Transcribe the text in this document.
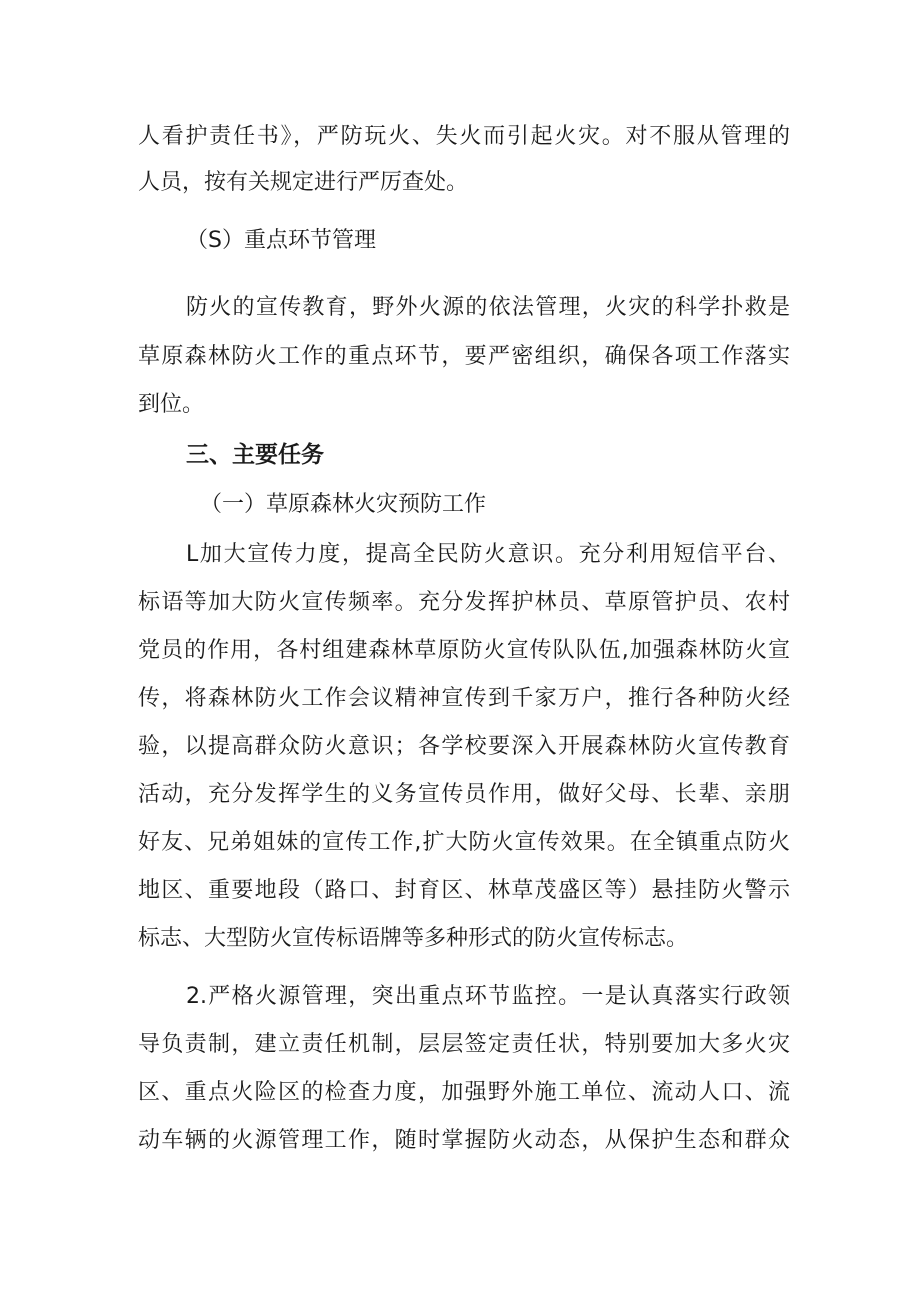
人看护责任书》，严防玩火、失火而引起火灾。对不服从管理的
人员，按有关规定进行严厉查处。
（S）重点环节管理
防火的宣传教育，野外火源的依法管理，火灾的科学扑救是
草原森林防火工作的重点环节，要严密组织，确保各项工作落实
到位。
三、主要任务
（一）草原森林火灾预防工作
L加大宣传力度，提高全民防火意识。充分利用短信平台、
标语等加大防火宣传频率。充分发挥护林员、草原管护员、农村
党员的作用，各村组建森林草原防火宣传队队伍,加强森林防火宣
传，将森林防火工作会议精神宣传到千家万户，推行各种防火经
验，以提高群众防火意识；各学校要深入开展森林防火宣传教育
活动，充分发挥学生的义务宣传员作用，做好父母、长辈、亲朋
好友、兄弟姐妹的宣传工作,扩大防火宣传效果。在全镇重点防火
地区、重要地段（路口、封育区、林草茂盛区等）悬挂防火警示
标志、大型防火宣传标语牌等多种形式的防火宣传标志。
2.严格火源管理，突出重点环节监控。一是认真落实行政领
导负责制，建立责任机制，层层签定责任状，特别要加大多火灾
区、重点火险区的检查力度，加强野外施工单位、流动人口、流
动车辆的火源管理工作，随时掌握防火动态，从保护生态和群众
